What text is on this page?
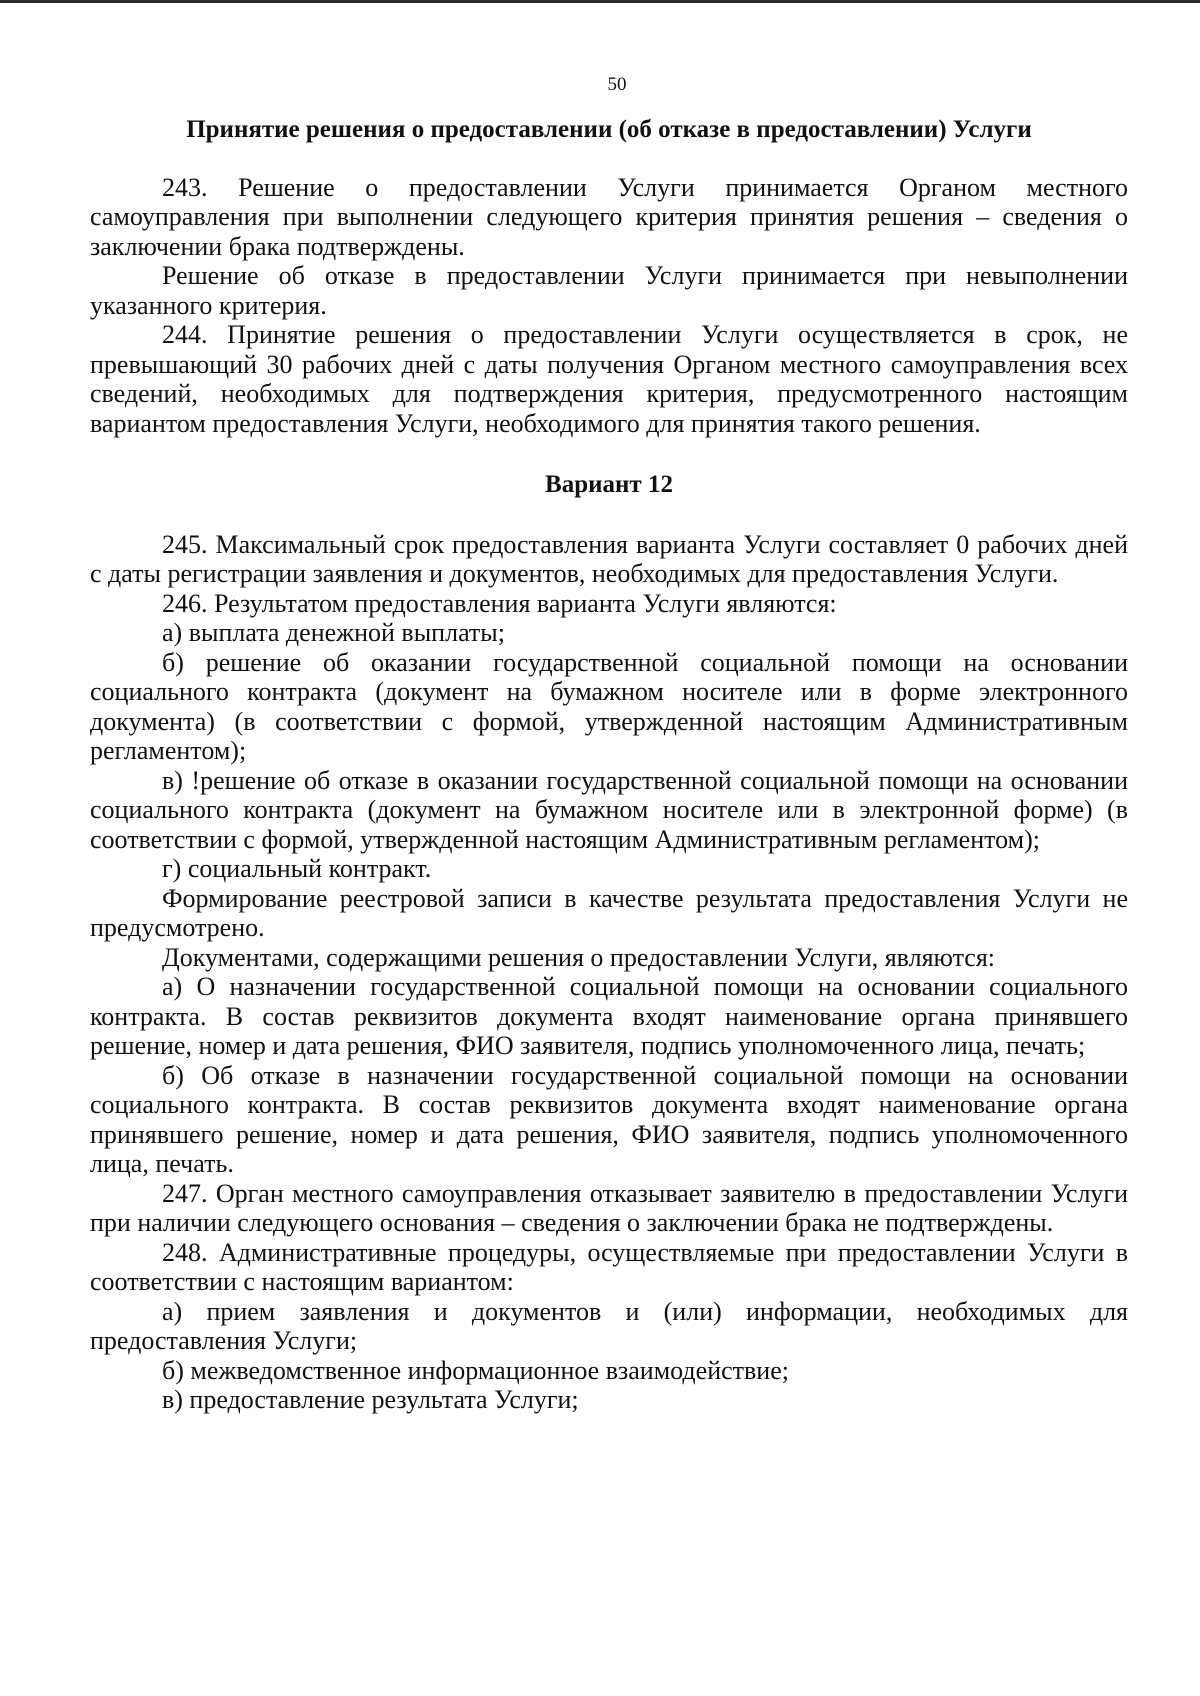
50

Принятие решения о предоставлении (об отказе в предоставлении) Услуги

243. Решение о предоставлении Услуги принимается Органом местного самоуправления при выполнении следующего критерия принятия решения – сведения о заключении брака подтверждены.

Решение об отказе в предоставлении Услуги принимается при невыполнении указанного критерия.

244. Принятие решения о предоставлении Услуги осуществляется в срок, не превышающий 30 рабочих дней с даты получения Органом местного самоуправления всех сведений, необходимых для подтверждения критерия, предусмотренного настоящим вариантом предоставления Услуги, необходимого для принятия такого решения.

Вариант 12

245. Максимальный срок предоставления варианта Услуги составляет 0 рабочих дней с даты регистрации заявления и документов, необходимых для предоставления Услуги.

246. Результатом предоставления варианта Услуги являются:

а) выплата денежной выплаты;

б) решение об оказании государственной социальной помощи на основании социального контракта (документ на бумажном носителе или в форме электронного документа) (в соответствии с формой, утвержденной настоящим Административным регламентом);

в) !решение об отказе в оказании государственной социальной помощи на основании социального контракта (документ на бумажном носителе или в электронной форме) (в соответствии с формой, утвержденной настоящим Административным регламентом);

г) социальный контракт.

Формирование реестровой записи в качестве результата предоставления Услуги не предусмотрено.

Документами, содержащими решения о предоставлении Услуги, являются:

а) О назначении государственной социальной помощи на основании социального контракта. В состав реквизитов документа входят наименование органа принявшего решение, номер и дата решения, ФИО заявителя, подпись уполномоченного лица, печать;

б) Об отказе в назначении государственной социальной помощи на основании социального контракта. В состав реквизитов документа входят наименование органа принявшего решение, номер и дата решения, ФИО заявителя, подпись уполномоченного лица, печать.

247. Орган местного самоуправления отказывает заявителю в предоставлении Услуги при наличии следующего основания – сведения о заключении брака не подтверждены.

248. Административные процедуры, осуществляемые при предоставлении Услуги в соответствии с настоящим вариантом:

а) прием заявления и документов и (или) информации, необходимых для предоставления Услуги;

б) межведомственное информационное взаимодействие;

в) предоставление результата Услуги;
